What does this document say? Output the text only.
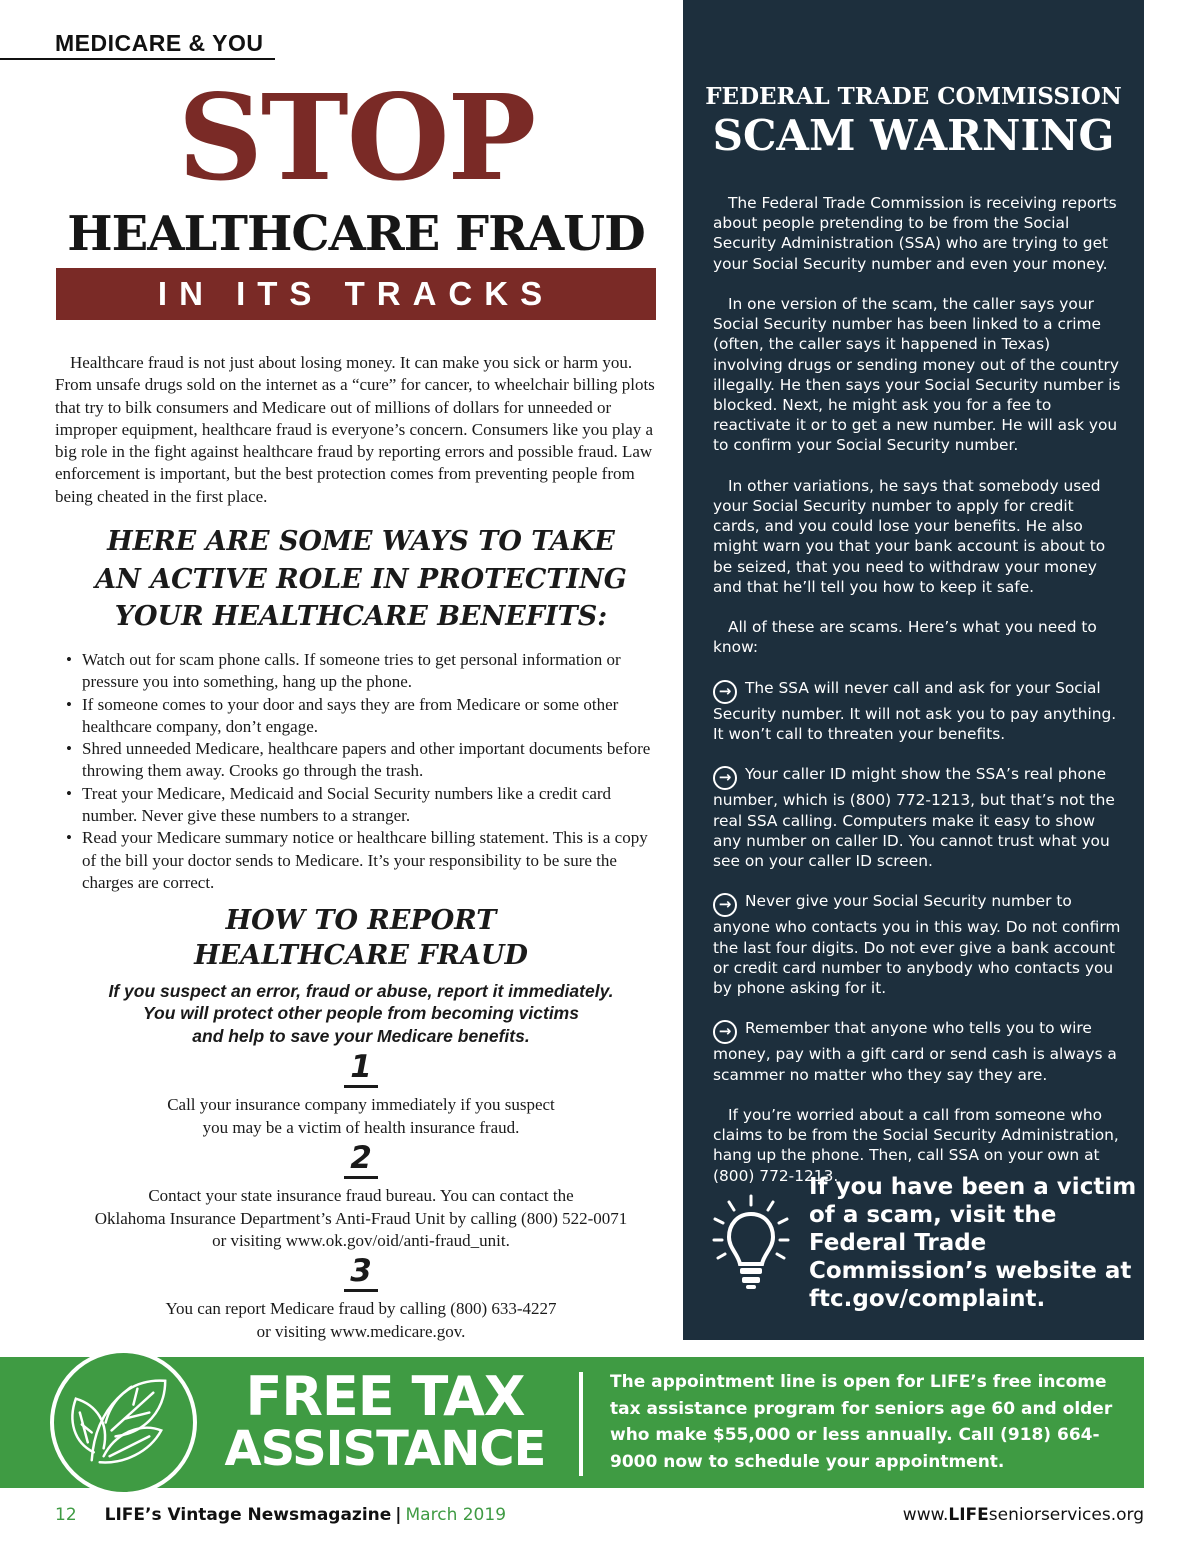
MEDICARE & YOU
STOP
HEALTHCARE FRAUD
IN ITS TRACKS
Healthcare fraud is not just about losing money. It can make you sick or harm you. From unsafe drugs sold on the internet as a “cure” for cancer, to wheelchair billing plots that try to bilk consumers and Medicare out of millions of dollars for unneeded or improper equipment, healthcare fraud is everyone’s concern. Consumers like you play a big role in the fight against healthcare fraud by reporting errors and possible fraud. Law enforcement is important, but the best protection comes from preventing people from being cheated in the first place.
HERE ARE SOME WAYS TO TAKE
AN ACTIVE ROLE IN PROTECTING
YOUR HEALTHCARE BENEFITS:
• Watch out for scam phone calls. If someone tries to get personal information or pressure you into something, hang up the phone.
• If someone comes to your door and says they are from Medicare or some other healthcare company, don’t engage.
• Shred unneeded Medicare, healthcare papers and other important documents before throwing them away. Crooks go through the trash.
• Treat your Medicare, Medicaid and Social Security numbers like a credit card number. Never give these numbers to a stranger.
• Read your Medicare summary notice or healthcare billing statement. This is a copy of the bill your doctor sends to Medicare. It’s your responsibility to be sure the charges are correct.
HOW TO REPORT
HEALTHCARE FRAUD
If you suspect an error, fraud or abuse, report it immediately.
You will protect other people from becoming victims
and help to save your Medicare benefits.
1
Call your insurance company immediately if you suspect
you may be a victim of health insurance fraud.
2
Contact your state insurance fraud bureau. You can contact the
Oklahoma Insurance Department’s Anti-Fraud Unit by calling (800) 522-0071
or visiting www.ok.gov/oid/anti-fraud_unit.
3
You can report Medicare fraud by calling (800) 633-4227
or visiting www.medicare.gov.
FEDERAL TRADE COMMISSION
SCAM WARNING

The Federal Trade Commission is receiving reports about people pretending to be from the Social Security Administration (SSA) who are trying to get your Social Security number and even your money.

In one version of the scam, the caller says your Social Security number has been linked to a crime (often, the caller says it happened in Texas) involving drugs or sending money out of the country illegally. He then says your Social Security number is blocked. Next, he might ask you for a fee to reactivate it or to get a new number. He will ask you to confirm your Social Security number.

In other variations, he says that somebody used your Social Security number to apply for credit cards, and you could lose your benefits. He also might warn you that your bank account is about to be seized, that you need to withdraw your money and that he’ll tell you how to keep it safe.

All of these are scams. Here’s what you need to know:

→ The SSA will never call and ask for your Social Security number. It will not ask you to pay anything. It won’t call to threaten your benefits.

→ Your caller ID might show the SSA’s real phone number, which is (800) 772-1213, but that’s not the real SSA calling. Computers make it easy to show any number on caller ID. You cannot trust what you see on your caller ID screen.

→ Never give your Social Security number to anyone who contacts you in this way. Do not confirm the last four digits. Do not ever give a bank account or credit card number to anybody who contacts you by phone asking for it.

→ Remember that anyone who tells you to wire money, pay with a gift card or send cash is always a scammer no matter who they say they are.

If you’re worried about a call from someone who claims to be from the Social Security Administration, hang up the phone. Then, call SSA on your own at (800) 772-1213.

If you have been a victim of a scam, visit the Federal Trade Commission’s website at ftc.gov/complaint.
FREE TAX
ASSISTANCE
The appointment line is open for LIFE’s free income tax assistance program for seniors age 60 and older who make $55,000 or less annually. Call (918) 664-9000 now to schedule your appointment.
12 LIFE’s Vintage Newsmagazine | March 2019	www.LIFEseniorservices.org
